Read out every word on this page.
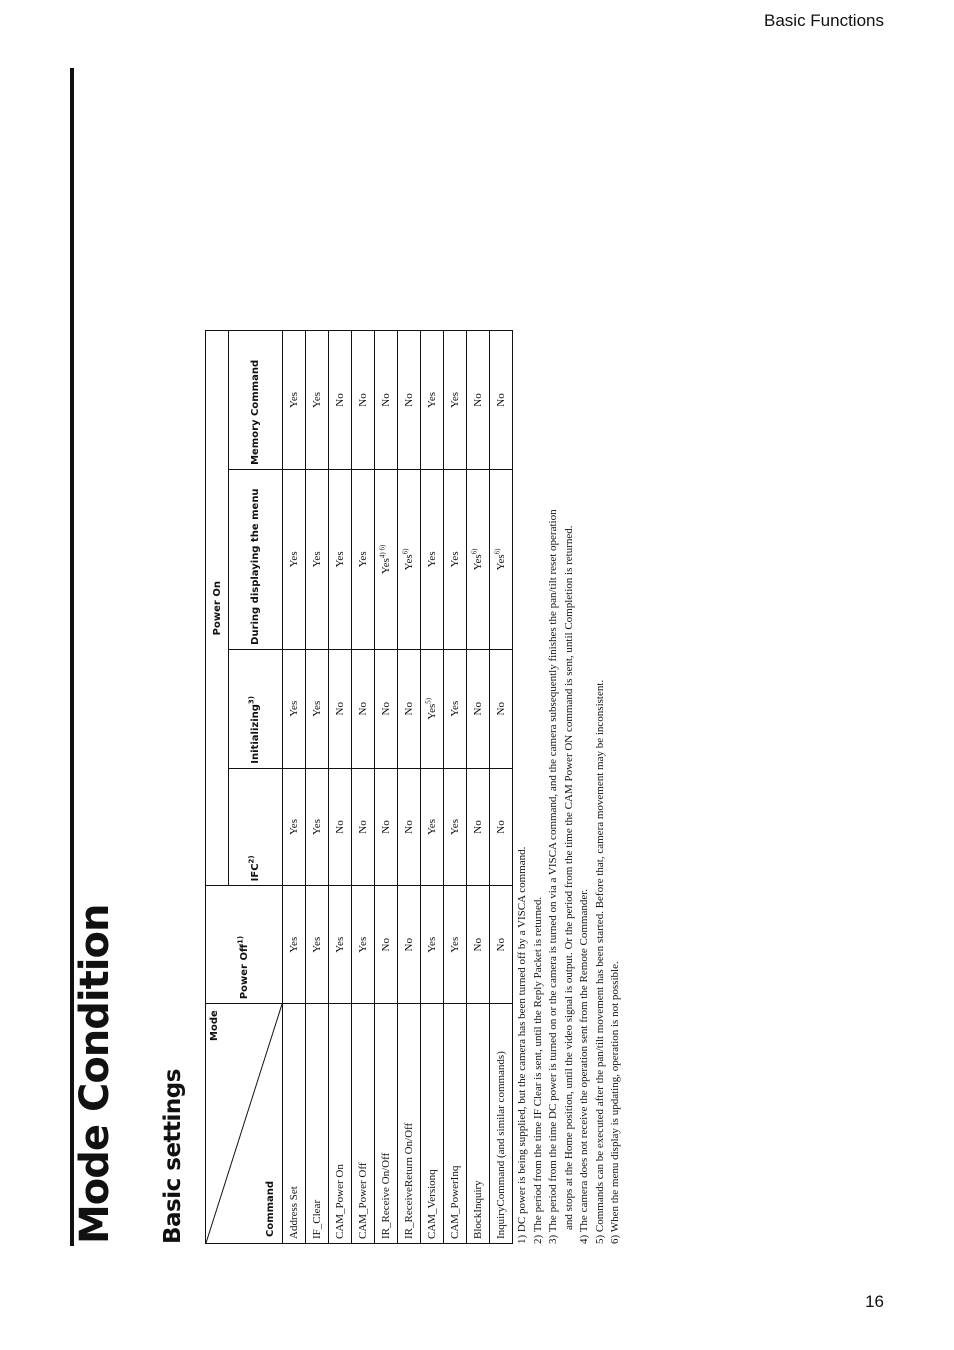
Basic Functions
Mode Condition Basic settings
Mode
Command	Power Off$^{1)}$	Power On			
		IFC$^{2)}$	Initializing$^{3)}$	During displaying the menu	Memory Command
Address Set	Yes	Yes	Yes	Yes	Yes
IF_Clear	Yes	Yes	Yes	Yes	Yes
CAM_Power On	Yes	No	No	Yes	No
CAM_Power Off	Yes	No	No	Yes	No
IR_Receive On/Off	No	No	No	Yes$^{4) 6)}$	No
IR_ReceiveReturn On/Off	No	No	No	Yes$^{6)}$	No
CAM_Versionq	Yes	Yes	Yes$^{5)}$	Yes	Yes
CAM_PowerInq	Yes	Yes	Yes	Yes	Yes
BlockInquiry	No	No	No	Yes$^{6)}$	No
InquiryCommand (and similar commands)	No	No	No	Yes$^{6)}$	No
1) DC power is being supplied, but the camera has been turned off by a VISCA command. 2) The period from the time IF Clear is sent, until the Reply Packet is returned. 3) The period from the time DC power is turned on or the camera is turned on via a VISCA command, and the camera subsequently finishes the pan/tilt reset operation and stops at the Home position, until the video signal is output. Or the period from the time the CAM Power ON command is sent, until Completion is returned. 4) The camera does not receive the operation sent from the Remote Commander. 5) Commands can be executed after the pan/tilt movement has been started. Before that, camera movement may be inconsistent. 6) When the menu display is updating, operation is not possible.
16
